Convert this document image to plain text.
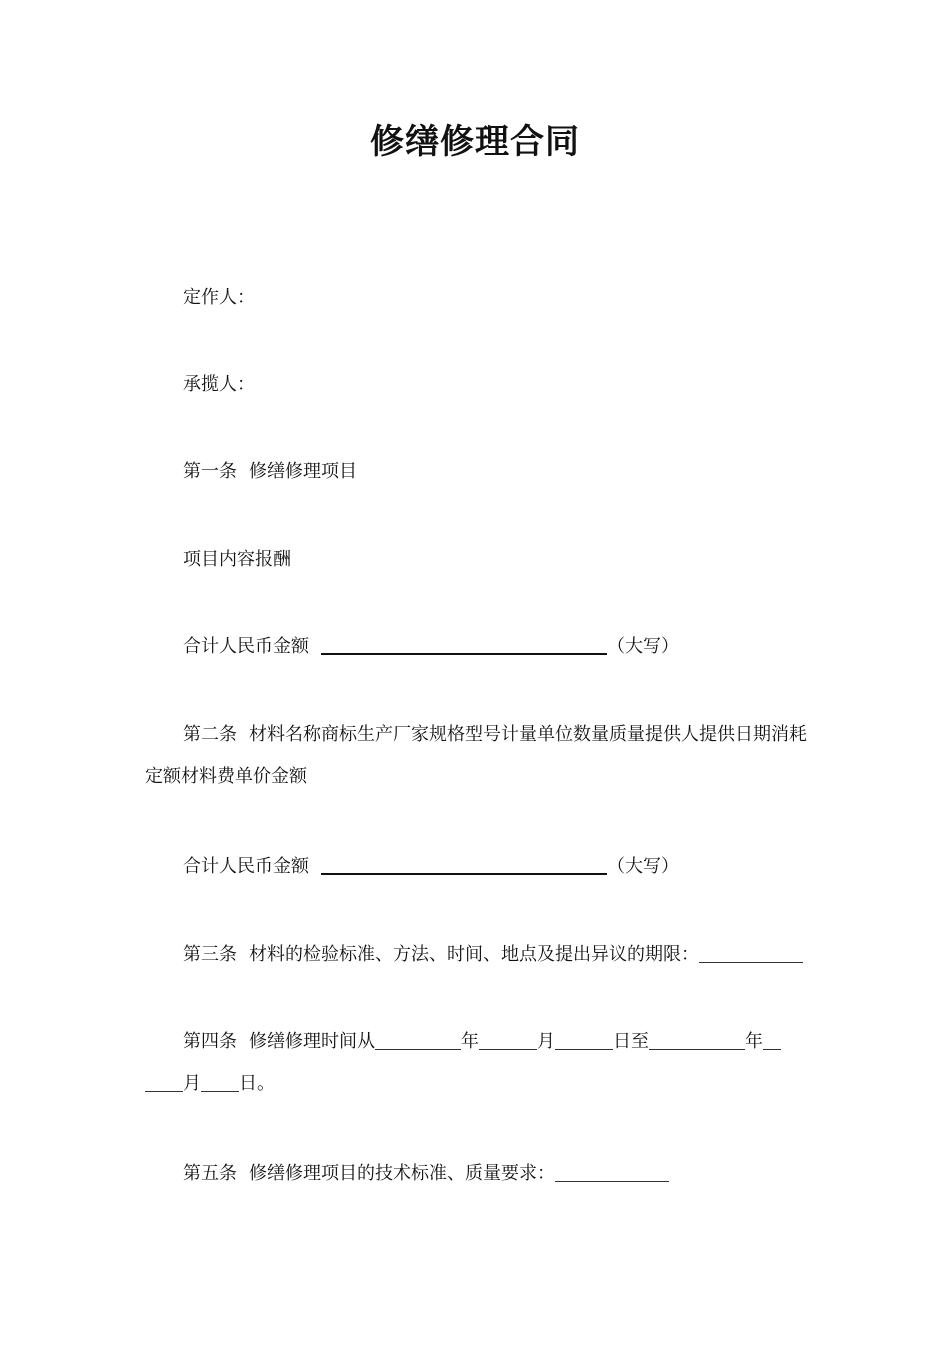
修缮修理合同

定作人：

承揽人：

第一条 修缮修理项目

项目内容报酬

合计人民币金额	（大写）

第二条 材料名称商标生产厂家规格型号计量单位数量质量提供人提供日期消耗定额材料费单价金额

合计人民币金额	（大写）

第三条 材料的检验标准、方法、时间、地点及提出异议的期限：

第四条 修缮修理时间从	年	月	日至	年月 日。

第五条 修缮修理项目的技术标准、质量要求：
